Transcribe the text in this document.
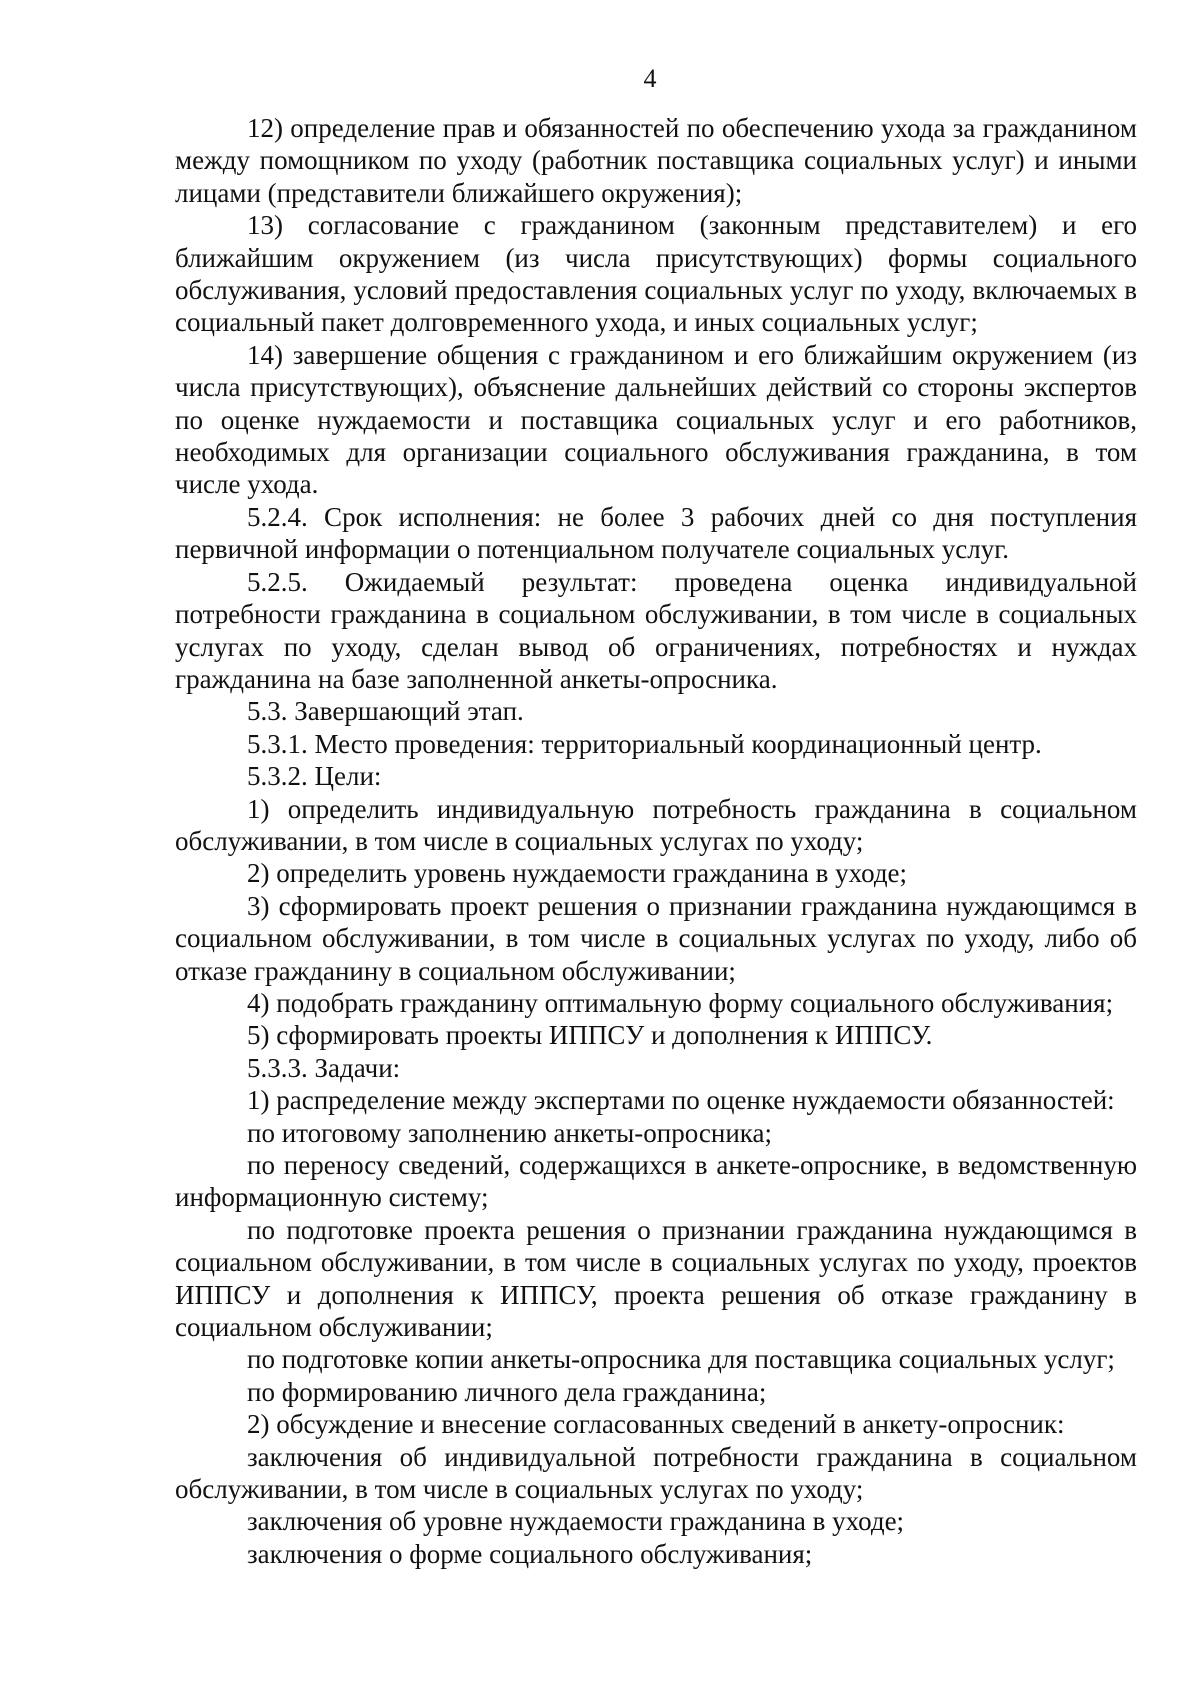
4

12) определение прав и обязанностей по обеспечению ухода за гражданином между помощником по уходу (работник поставщика социальных услуг) и иными лицами (представители ближайшего окружения);

13) согласование с гражданином (законным представителем) и его ближайшим окружением (из числа присутствующих) формы социального обслуживания, условий предоставления социальных услуг по уходу, включаемых в социальный пакет долговременного ухода, и иных социальных услуг;

14) завершение общения с гражданином и его ближайшим окружением (из числа присутствующих), объяснение дальнейших действий со стороны экспертов по оценке нуждаемости и поставщика социальных услуг и его работников, необходимых для организации социального обслуживания гражданина, в том числе ухода.

5.2.4. Срок исполнения: не более 3 рабочих дней со дня поступления первичной информации о потенциальном получателе социальных услуг.

5.2.5. Ожидаемый результат: проведена оценка индивидуальной потребности гражданина в социальном обслуживании, в том числе в социальных услугах по уходу, сделан вывод об ограничениях, потребностях и нуждах гражданина на базе заполненной анкеты-опросника.

5.3. Завершающий этап.

5.3.1. Место проведения: территориальный координационный центр.

5.3.2. Цели:

1) определить индивидуальную потребность гражданина в социальном обслуживании, в том числе в социальных услугах по уходу;

2) определить уровень нуждаемости гражданина в уходе;

3) сформировать проект решения о признании гражданина нуждающимся в социальном обслуживании, в том числе в социальных услугах по уходу, либо об отказе гражданину в социальном обслуживании;

4) подобрать гражданину оптимальную форму социального обслуживания;

5) сформировать проекты ИППСУ и дополнения к ИППСУ.

5.3.3. Задачи:

1) распределение между экспертами по оценке нуждаемости обязанностей:

по итоговому заполнению анкеты-опросника;

по переносу сведений, содержащихся в анкете-опроснике, в ведомственную информационную систему;

по подготовке проекта решения о признании гражданина нуждающимся в социальном обслуживании, в том числе в социальных услугах по уходу, проектов ИППСУ и дополнения к ИППСУ, проекта решения об отказе гражданину в социальном обслуживании;

по подготовке копии анкеты-опросника для поставщика социальных услуг;

по формированию личного дела гражданина;

2) обсуждение и внесение согласованных сведений в анкету-опросник:

заключения об индивидуальной потребности гражданина в социальном обслуживании, в том числе в социальных услугах по уходу;

заключения об уровне нуждаемости гражданина в уходе;

заключения о форме социального обслуживания;
